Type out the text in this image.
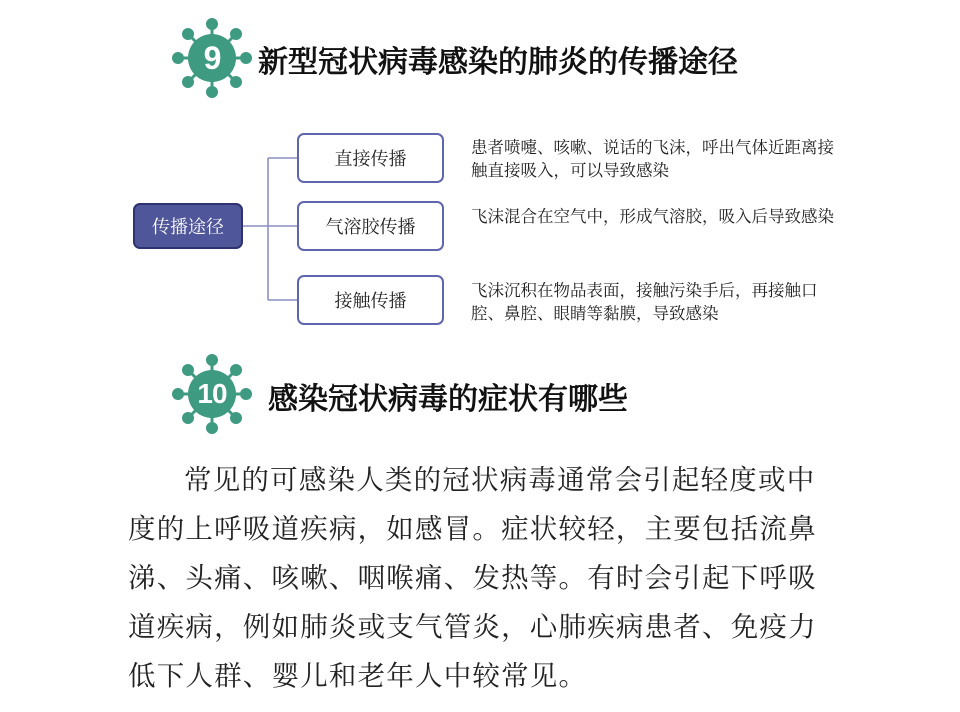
9	新型冠状病毒感染的肺炎的传播途径
传播途径
直接传播
气溶胶传播
接触传播
患者喷嚏、咳嗽、说话的飞沫，呼出气体近距离接触直接吸入，可以导致感染
飞沫混合在空气中，形成气溶胶，吸入后导致感染
飞沫沉积在物品表面，接触污染手后，再接触口腔、鼻腔、眼睛等黏膜，导致感染
10	感染冠状病毒的症状有哪些
常见的可感染人类的冠状病毒通常会引起轻度或中度的上呼吸道疾病，如感冒。症状较轻，主要包括流鼻涕、头痛、咳嗽、咽喉痛、发热等。有时会引起下呼吸道疾病，例如肺炎或支气管炎，心肺疾病患者、免疫力低下人群、婴儿和老年人中较常见。
